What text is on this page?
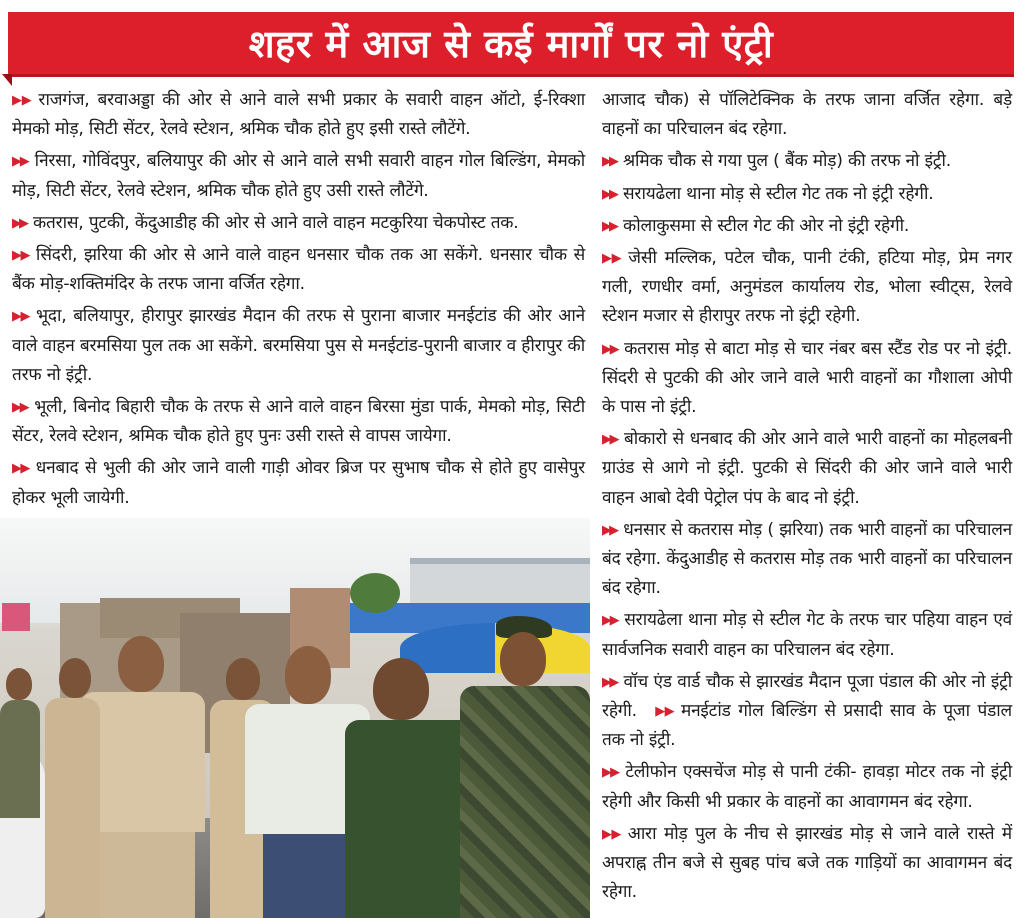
शहर में आज से कई मार्गों पर नो एंट्री

▶▶ राजगंज, बरवाअड्डा की ओर से आने वाले सभी प्रकार के सवारी वाहन ऑटो, ई-रिक्शा मेमको मोड़, सिटी सेंटर, रेलवे स्टेशन, श्रमिक चौक होते हुए इसी रास्ते लौटेंगे.

▶▶ निरसा, गोविंदपुर, बलियापुर की ओर से आने वाले सभी सवारी वाहन गोल बिल्डिंग, मेमको मोड़, सिटी सेंटर, रेलवे स्टेशन, श्रमिक चौक होते हुए उसी रास्ते लौटेंगे.

▶▶ कतरास, पुटकी, केंदुआडीह की ओर से आने वाले वाहन मटकुरिया चेकपोस्ट तक.

▶▶ सिंदरी, झरिया की ओर से आने वाले वाहन धनसार चौक तक आ सकेंगे. धनसार चौक से बैंक मोड़-शक्तिमंदिर के तरफ जाना वर्जित रहेगा.

▶▶ भूदा, बलियापुर, हीरापुर झारखंड मैदान की तरफ से पुराना बाजार मनईटांड की ओर आने वाले वाहन बरमसिया पुल तक आ सकेंगे. बरमसिया पुस से मनईटांड-पुरानी बाजार व हीरापुर की तरफ नो इंट्री.

▶▶ भूली, बिनोद बिहारी चौक के तरफ से आने वाले वाहन बिरसा मुंडा पार्क, मेमको मोड़, सिटी सेंटर, रेलवे स्टेशन, श्रमिक चौक होते हुए पुनः उसी रास्ते से वापस जायेगा.

▶▶ धनबाद से भुली की ओर जाने वाली गाड़ी ओवर ब्रिज पर सुभाष चौक से होते हुए वासेपुर होकर भूली जायेगी.

आजाद चौक) से पॉलिटेक्निक के तरफ जाना वर्जित रहेगा. बड़े वाहनों का परिचालन बंद रहेगा.

▶▶ श्रमिक चौक से गया पुल ( बैंक मोड़) की तरफ नो इंट्री.

▶▶ सरायढेला थाना मोड़ से स्टील गेट तक नो इंट्री रहेगी.

▶▶ कोलाकुसमा से स्टील गेट की ओर नो इंट्री रहेगी.

▶▶ जेसी मल्लिक, पटेल चौक, पानी टंकी, हटिया मोड़, प्रेम नगर गली, रणधीर वर्मा, अनुमंडल कार्यालय रोड, भोला स्वीट्स, रेलवे स्टेशन मजार से हीरापुर तरफ नो इंट्री रहेगी.

▶▶ कतरास मोड़ से बाटा मोड़ से चार नंबर बस स्टैंड रोड पर नो इंट्री. सिंदरी से पुटकी की ओर जाने वाले भारी वाहनों का गौशाला ओपी के पास नो इंट्री.

▶▶ बोकारो से धनबाद की ओर आने वाले भारी वाहनों का मोहलबनी ग्राउंड से आगे नो इंट्री. पुटकी से सिंदरी की ओर जाने वाले भारी वाहन आबो देवी पेट्रोल पंप के बाद नो इंट्री.

▶▶ धनसार से कतरास मोड़ ( झरिया) तक भारी वाहनों का परिचालन बंद रहेगा. केंदुआडीह से कतरास मोड़ तक भारी वाहनों का परिचालन बंद रहेगा.

▶▶ सरायढेला थाना मोड़ से स्टील गेट के तरफ चार पहिया वाहन एवं सार्वजनिक सवारी वाहन का परिचालन बंद रहेगा.

▶▶ वॉच एंड वार्ड चौक से झारखंड मैदान पूजा पंडाल की ओर नो इंट्री रहेगी. ▶▶ मनईटांड गोल बिल्डिंग से प्रसादी साव के पूजा पंडाल तक नो इंट्री.

▶▶ टेलीफोन एक्सचेंज मोड़ से पानी टंकी- हावड़ा मोटर तक नो इंट्री रहेगी और किसी भी प्रकार के वाहनों का आवागमन बंद रहेगा.

▶▶ आरा मोड़ पुल के नीच से झारखंड मोड़ से जाने वाले रास्ते में अपराह्न तीन बजे से सुबह पांच बजे तक गाड़ियों का आवागमन बंद रहेगा.
